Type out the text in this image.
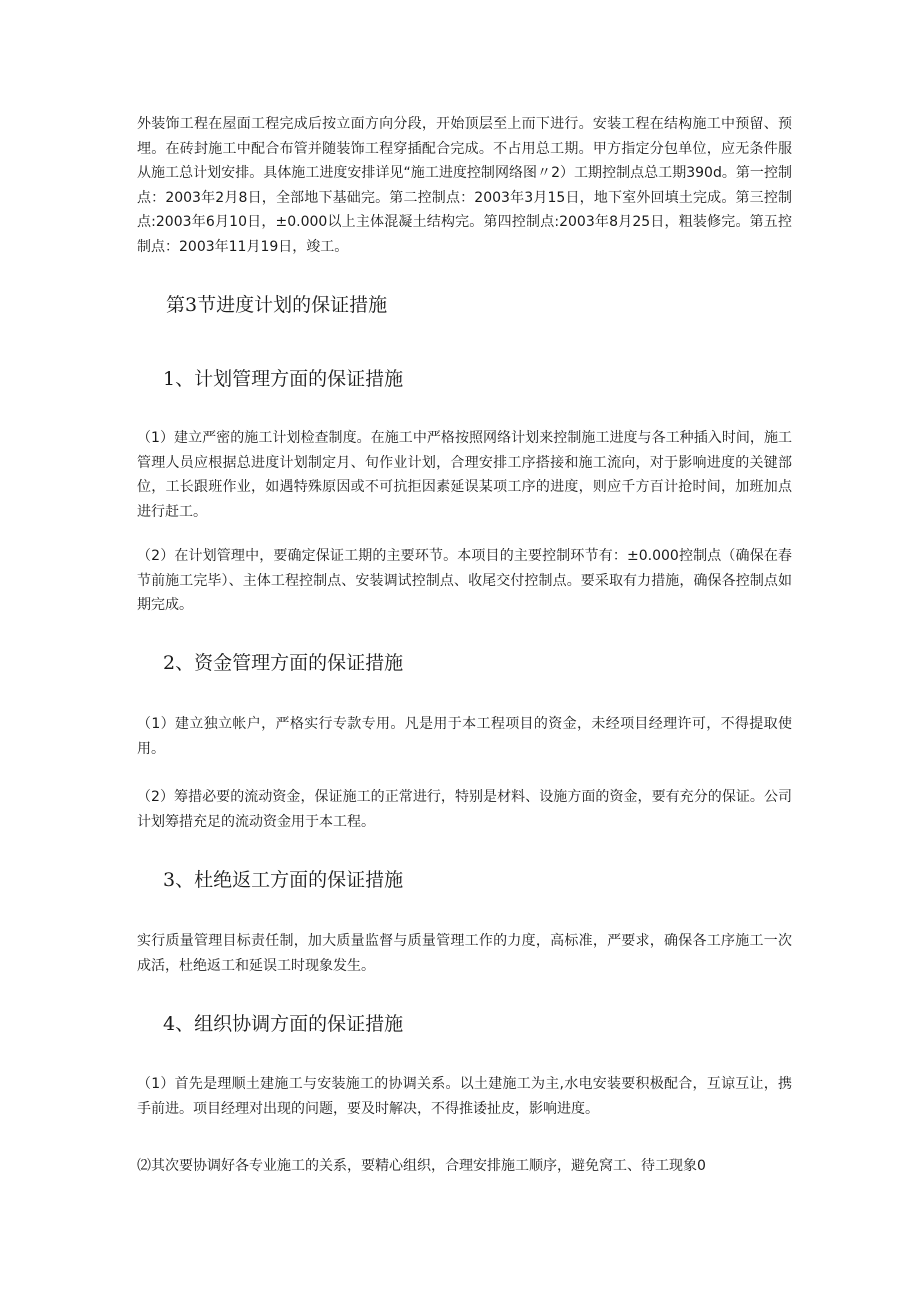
外装饰工程在屋面工程完成后按立面方向分段，开始顶层至上而下进行。安装工程在结构施工中预留、预埋。在砖封施工中配合布管并随装饰工程穿插配合完成。不占用总工期。甲方指定分包单位，应无条件服从施工总计划安排。具体施工进度安排详见“施工进度控制网络图〃2）工期控制点总工期390d。第一控制点：2003年2月8日，全部地下基础完。第二控制点：2003年3月15日，地下室外回填土完成。第三控制点:2003年6月10日，±0.000以上主体混凝土结构完。第四控制点:2003年8月25日，粗装修完。第五控制点：2003年11月19日，竣工。

第3节进度计划的保证措施
1、计划管理方面的保证措施

（1）建立严密的施工计划检查制度。在施工中严格按照网络计划来控制施工进度与各工种插入时间，施工管理人员应根据总进度计划制定月、旬作业计划，合理安排工序搭接和施工流向，对于影响进度的关键部位，工长跟班作业，如遇特殊原因或不可抗拒因素延误某项工序的进度，则应千方百计抢时间，加班加点进行赶工。

（2）在计划管理中，要确定保证工期的主要环节。本项目的主要控制环节有：±0.000控制点（确保在春节前施工完毕）、主体工程控制点、安装调试控制点、收尾交付控制点。要采取有力措施，确保各控制点如期完成。

2、资金管理方面的保证措施

（1）建立独立帐户，严格实行专款专用。凡是用于本工程项目的资金，未经项目经理许可，不得提取使用。

（2）筹措必要的流动资金，保证施工的正常进行，特别是材料、设施方面的资金，要有充分的保证。公司计划筹措充足的流动资金用于本工程。

3、杜绝返工方面的保证措施

实行质量管理目标责任制，加大质量监督与质量管理工作的力度，高标准，严要求，确保各工序施工一次成活，杜绝返工和延误工时现象发生。

4、组织协调方面的保证措施

（1）首先是理顺土建施工与安装施工的协调关系。以土建施工为主,水电安装要积极配合，互谅互让，携手前进。项目经理对出现的问题，要及时解决，不得推诿扯皮，影响进度。

⑵其次要协调好各专业施工的关系，要精心组织，合理安排施工顺序，避免窝工、待工现象0
